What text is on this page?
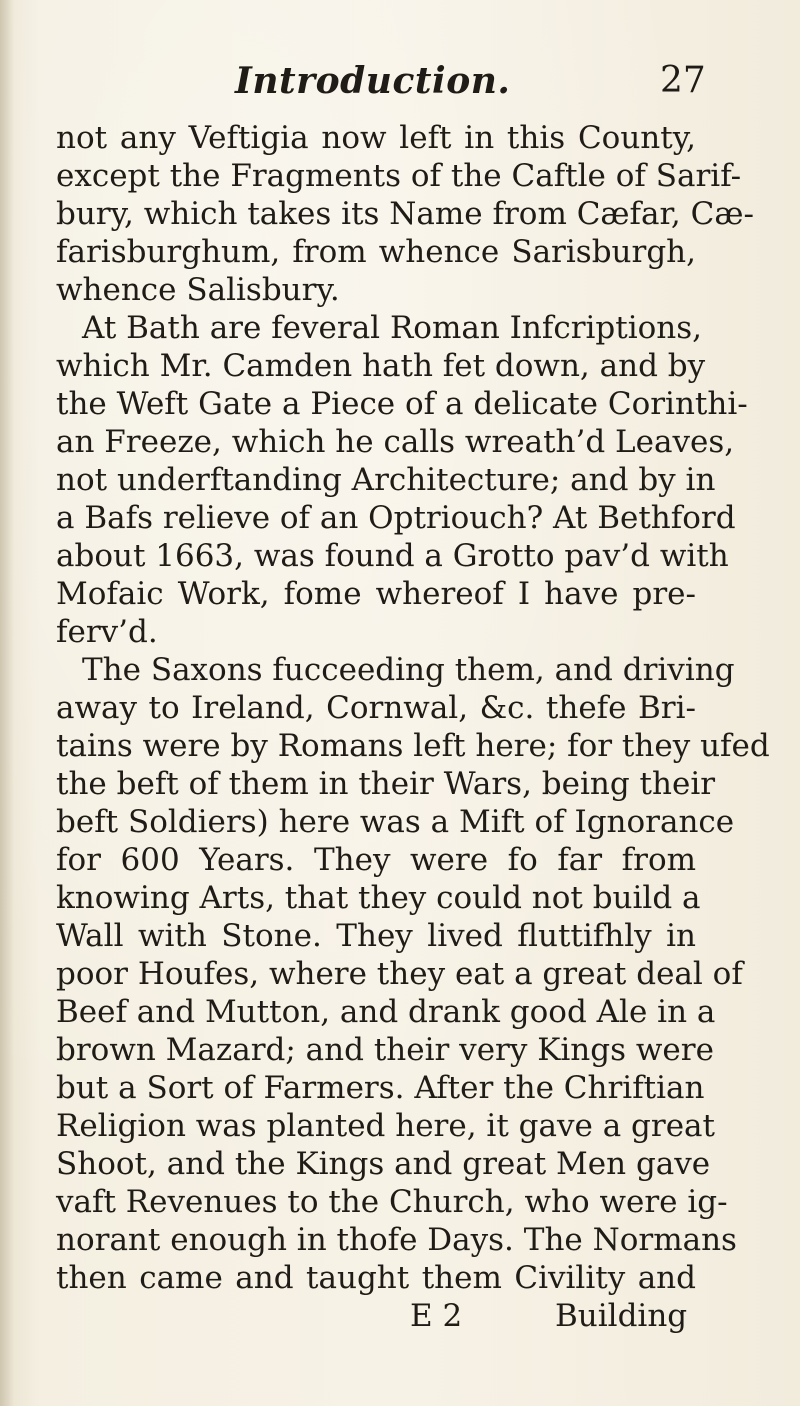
Introduction.	27
not any Veftigia now left in this County,
except the Fragments of the Caftle of Sarif-
bury, which takes its Name from Cæfar, Cæ-
farisburghum, from whence Sarisburgh,
whence Salisbury.
At Bath are feveral Roman Infcriptions,
which Mr. Camden hath fet down, and by
the Weft Gate a Piece of a delicate Corinthi-
an Freeze, which he calls wreath’d Leaves,
not underftanding Architecture; and by in
a Bafs relieve of an Optriouch? At Bethford
about 1663, was found a Grotto pav’d with
Mofaic Work, fome whereof I have pre-
ferv’d.
The Saxons fucceeding them, and driving
away to Ireland, Cornwal, &c. thefe Bri-
tains were by Romans left here; for they ufed
the beft of them in their Wars, being their
beft Soldiers) here was a Mift of Ignorance
for 600 Years. They were fo far from
knowing Arts, that they could not build a
Wall with Stone. They lived fluttifhly in
poor Houfes, where they eat a great deal of
Beef and Mutton, and drank good Ale in a
brown Mazard; and their very Kings were
but a Sort of Farmers. After the Chriftian
Religion was planted here, it gave a great
Shoot, and the Kings and great Men gave
vaft Revenues to the Church, who were ig-
norant enough in thofe Days. The Normans
then came and taught them Civility and
E 2	Building
